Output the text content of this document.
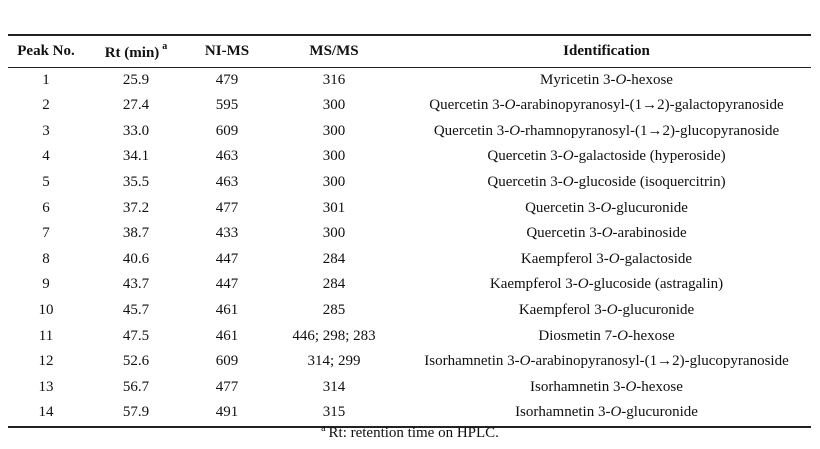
Peak No.	Rt (min) $^a$	NI-MS	MS/MS	Identification
1	25.9	479	316	Myricetin 3-O-hexose
2	27.4	595	300	Quercetin 3-O-arabinopyranosyl-(1→2)-galactopyranoside
3	33.0	609	300	Quercetin 3-O-rhamnopyranosyl-(1→2)-glucopyranoside
4	34.1	463	300	Quercetin 3-O-galactoside (hyperoside)
5	35.5	463	300	Quercetin 3-O-glucoside (isoquercitrin)
6	37.2	477	301	Quercetin 3-O-glucuronide
7	38.7	433	300	Quercetin 3-O-arabinoside
8	40.6	447	284	Kaempferol 3-O-galactoside
9	43.7	447	284	Kaempferol 3-O-glucoside (astragalin)
10	45.7	461	285	Kaempferol 3-O-glucuronide
11	47.5	461	446; 298; 283	Diosmetin 7-O-hexose
12	52.6	609	314; 299	Isorhamnetin 3-O-arabinopyranosyl-(1→2)-glucopyranoside
13	56.7	477	314	Isorhamnetin 3-O-hexose
14	57.9	491	315	Isorhamnetin 3-O-glucuronide
$^a$ Rt: retention time on HPLC.
